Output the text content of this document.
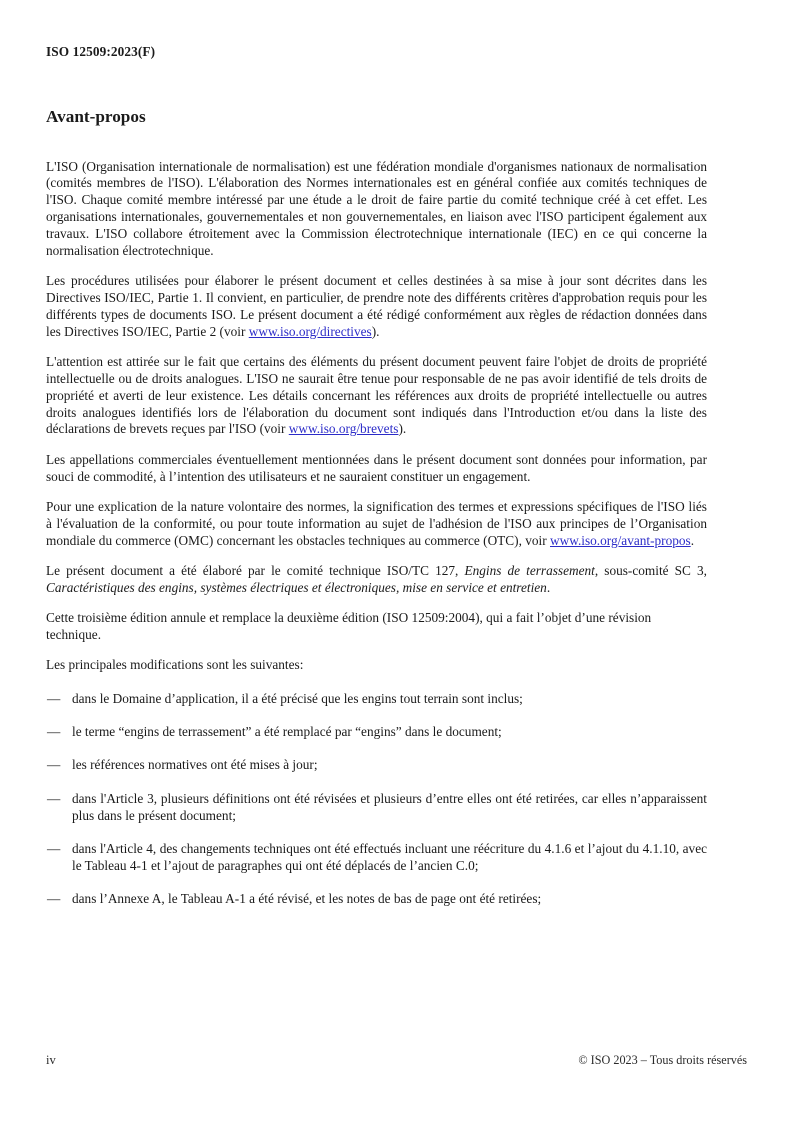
ISO 12509:2023(F)
Avant-propos

L'ISO (Organisation internationale de normalisation) est une fédération mondiale d'organismes nationaux de normalisation (comités membres de l'ISO). L'élaboration des Normes internationales est en général confiée aux comités techniques de l'ISO. Chaque comité membre intéressé par une étude a le droit de faire partie du comité technique créé à cet effet. Les organisations internationales, gouvernementales et non gouvernementales, en liaison avec l'ISO participent également aux travaux. L'ISO collabore étroitement avec la Commission électrotechnique internationale (IEC) en ce qui concerne la normalisation électrotechnique.

Les procédures utilisées pour élaborer le présent document et celles destinées à sa mise à jour sont décrites dans les Directives ISO/IEC, Partie 1. Il convient, en particulier, de prendre note des différents critères d'approbation requis pour les différents types de documents ISO. Le présent document a été rédigé conformément aux règles de rédaction données dans les Directives ISO/IEC, Partie 2 (voir www.iso.org/directives).

L'attention est attirée sur le fait que certains des éléments du présent document peuvent faire l'objet de droits de propriété intellectuelle ou de droits analogues. L'ISO ne saurait être tenue pour responsable de ne pas avoir identifié de tels droits de propriété et averti de leur existence. Les détails concernant les références aux droits de propriété intellectuelle ou autres droits analogues identifiés lors de l'élaboration du document sont indiqués dans l'Introduction et/ou dans la liste des déclarations de brevets reçues par l'ISO (voir www.iso.org/brevets).

Les appellations commerciales éventuellement mentionnées dans le présent document sont données pour information, par souci de commodité, à l’intention des utilisateurs et ne sauraient constituer un engagement.

Pour une explication de la nature volontaire des normes, la signification des termes et expressions spécifiques de l'ISO liés à l'évaluation de la conformité, ou pour toute information au sujet de l'adhésion de l'ISO aux principes de l’Organisation mondiale du commerce (OMC) concernant les obstacles techniques au commerce (OTC), voir www.iso.org/avant-propos.

Le présent document a été élaboré par le comité technique ISO/TC 127, Engins de terrassement, sous-comité SC 3, Caractéristiques des engins, systèmes électriques et électroniques, mise en service et entretien.

Cette troisième édition annule et remplace la deuxième édition (ISO 12509:2004), qui a fait l’objet d’une révision technique.

Les principales modifications sont les suivantes:

— dans le Domaine d’application, il a été précisé que les engins tout terrain sont inclus;
— le terme “engins de terrassement” a été remplacé par “engins” dans le document;
— les références normatives ont été mises à jour;
— dans l'Article 3, plusieurs définitions ont été révisées et plusieurs d’entre elles ont été retirées, car elles n’apparaissent plus dans le présent document;
— dans l'Article 4, des changements techniques ont été effectués incluant une réécriture du 4.1.6 et l’ajout du 4.1.10, avec le Tableau 4-1 et l’ajout de paragraphes qui ont été déplacés de l’ancien C.0;
— dans l’Annexe A, le Tableau A-1 a été révisé, et les notes de bas de page ont été retirées;
iv	© ISO 2023 – Tous droits réservés
